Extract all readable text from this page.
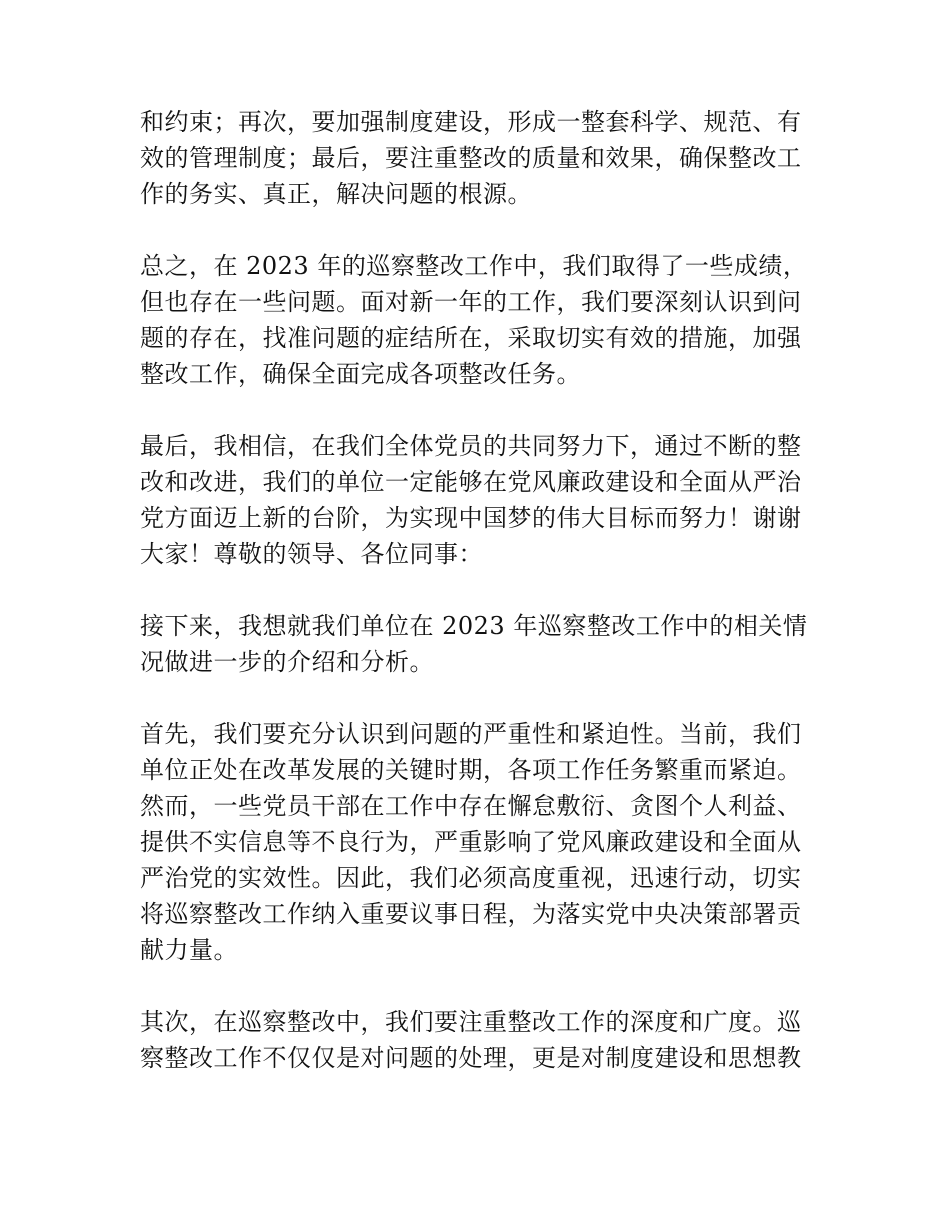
和约束；再次，要加强制度建设，形成一整套科学、规范、有
效的管理制度；最后，要注重整改的质量和效果，确保整改工
作的务实、真正，解决问题的根源。

总之，在 2023 年的巡察整改工作中，我们取得了一些成绩，
但也存在一些问题。面对新一年的工作，我们要深刻认识到问
题的存在，找准问题的症结所在，采取切实有效的措施，加强
整改工作，确保全面完成各项整改任务。

最后，我相信，在我们全体党员的共同努力下，通过不断的整
改和改进，我们的单位一定能够在党风廉政建设和全面从严治
党方面迈上新的台阶，为实现中国梦的伟大目标而努力！谢谢
大家！尊敬的领导、各位同事：

接下来，我想就我们单位在 2023 年巡察整改工作中的相关情
况做进一步的介绍和分析。

首先，我们要充分认识到问题的严重性和紧迫性。当前，我们
单位正处在改革发展的关键时期，各项工作任务繁重而紧迫。
然而，一些党员干部在工作中存在懈怠敷衍、贪图个人利益、
提供不实信息等不良行为，严重影响了党风廉政建设和全面从
严治党的实效性。因此，我们必须高度重视，迅速行动，切实
将巡察整改工作纳入重要议事日程，为落实党中央决策部署贡
献力量。

其次，在巡察整改中，我们要注重整改工作的深度和广度。巡
察整改工作不仅仅是对问题的处理，更是对制度建设和思想教
